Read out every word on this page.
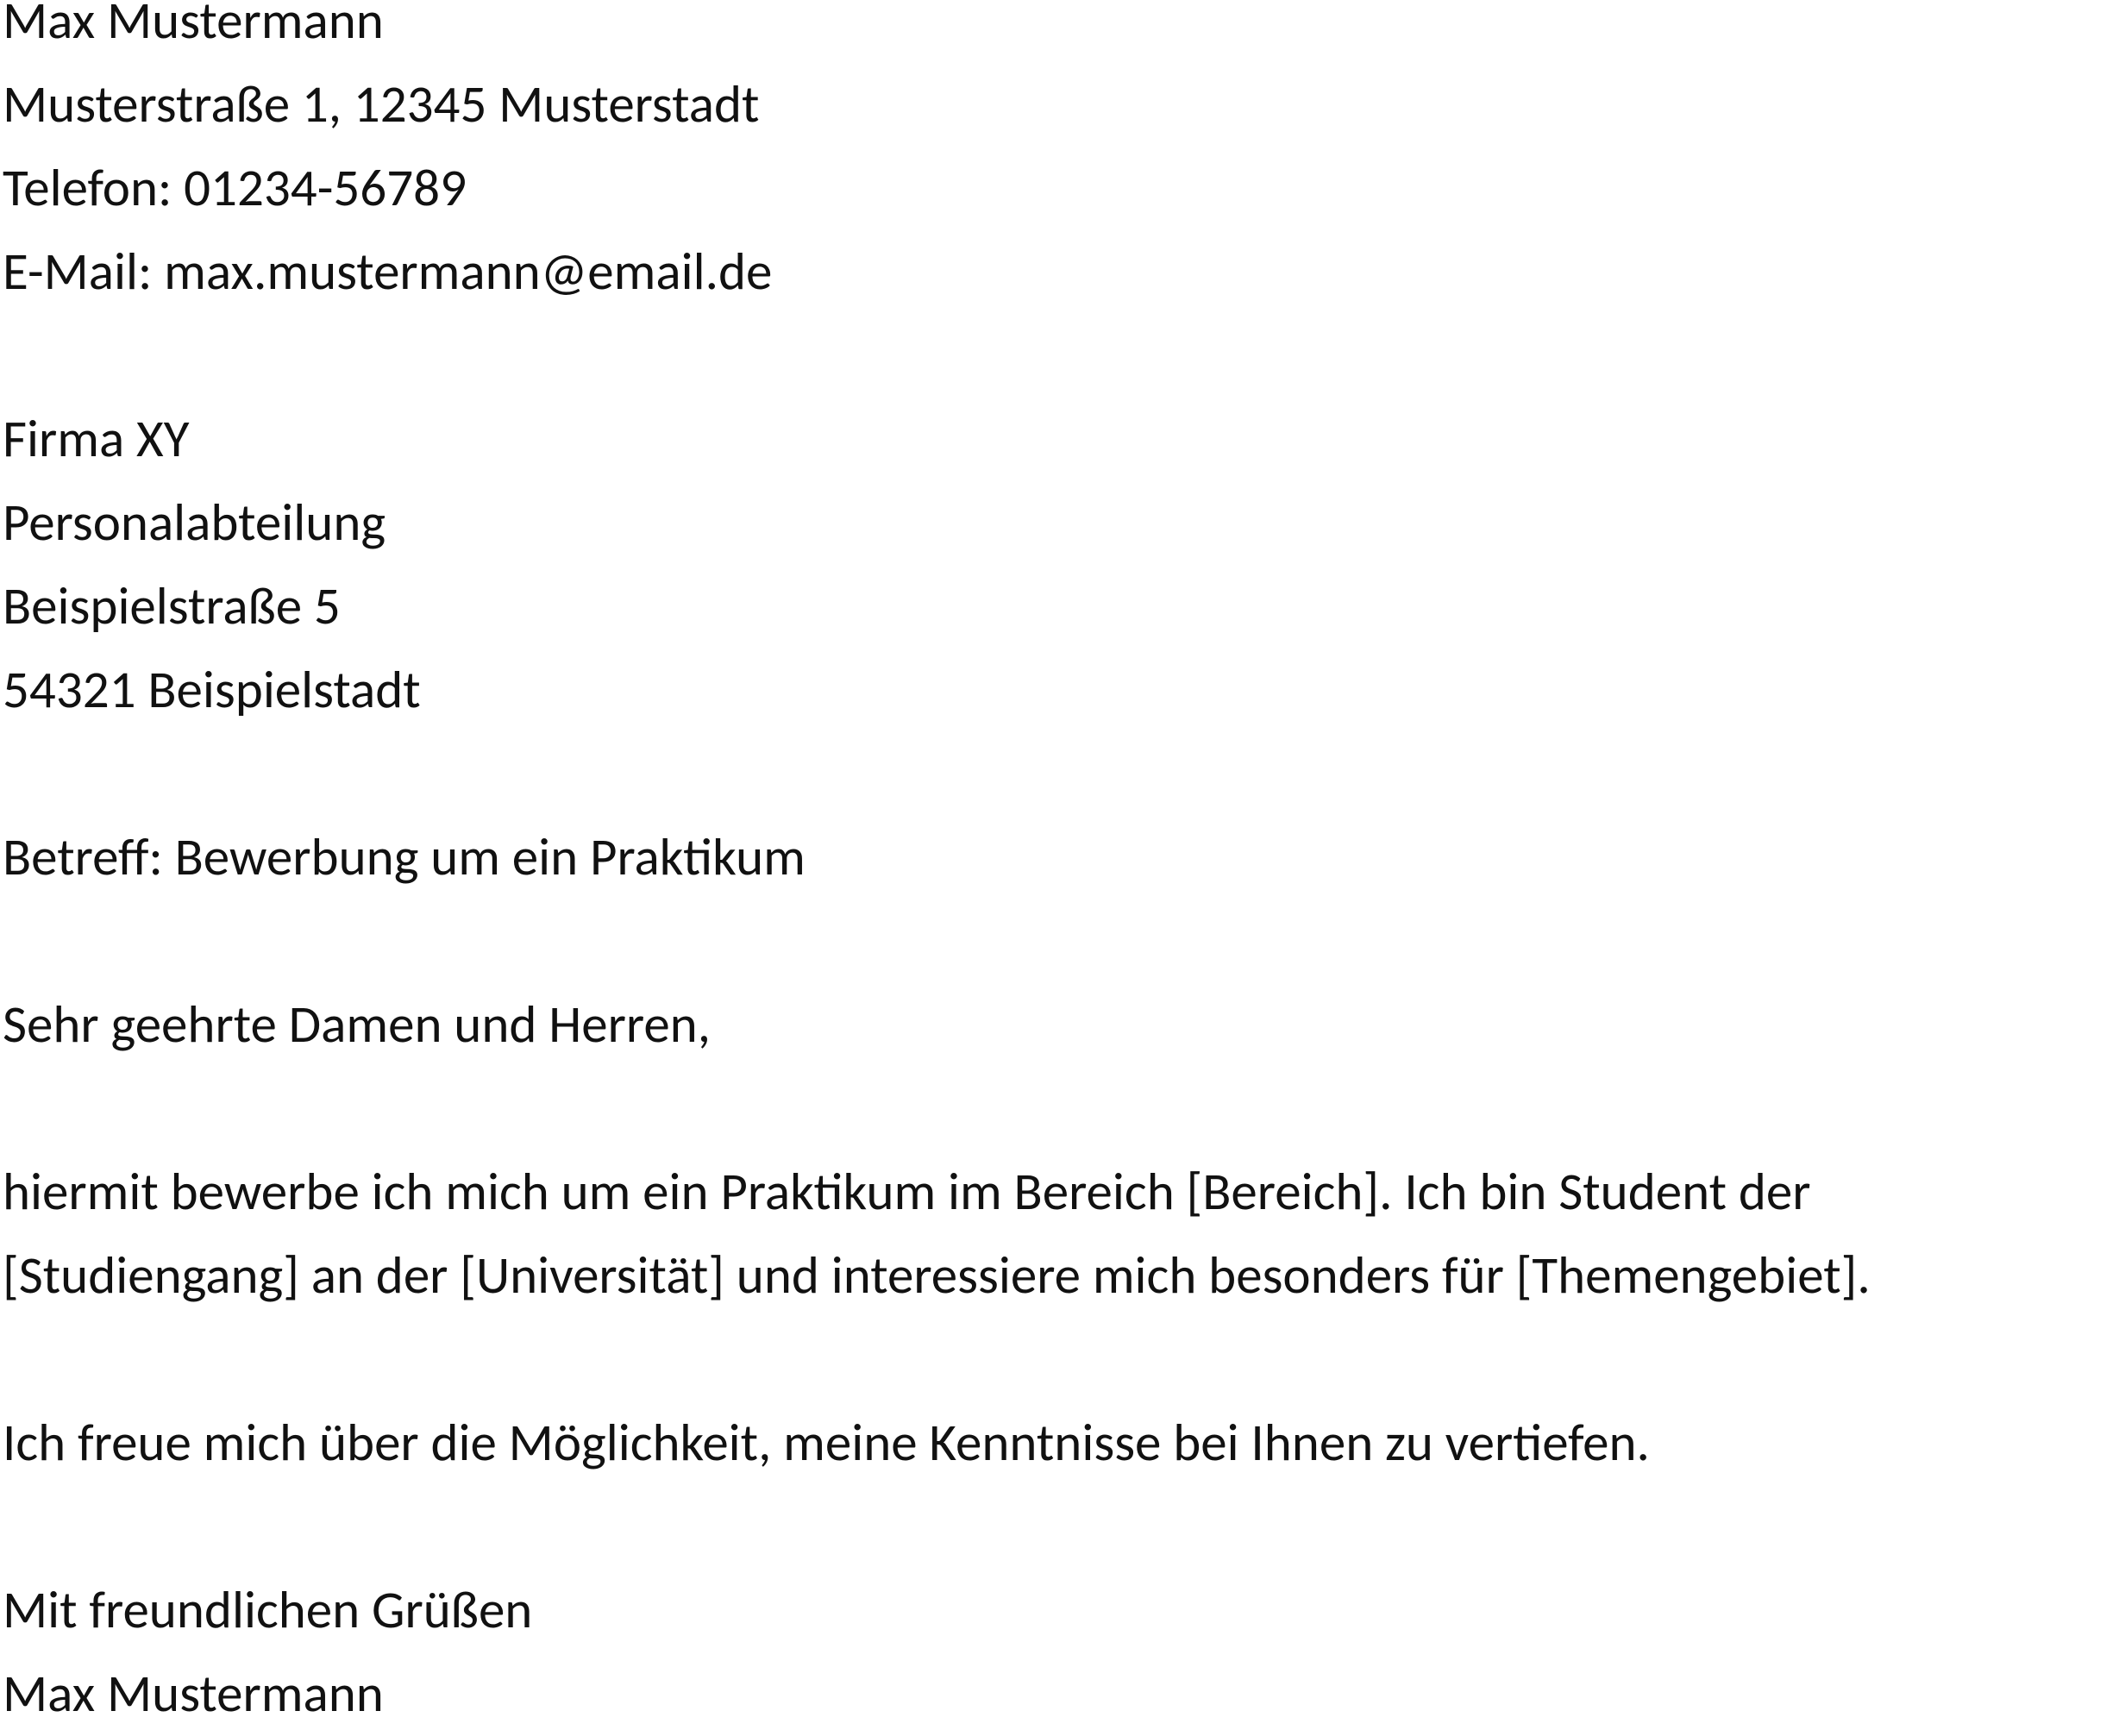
Max Mustermann
Musterstraße 1, 12345 Musterstadt
Telefon: 01234-56789
E-Mail: max.mustermann@email.de
Firma XY
Personalabteilung
Beispielstraße 5
54321 Beispielstadt
Betreff: Bewerbung um ein Praktikum
Sehr geehrte Damen und Herren,
hiermit bewerbe ich mich um ein Praktikum im Bereich [Bereich]. Ich bin Student der
[Studiengang] an der [Universität] und interessiere mich besonders für [Themengebiet].
Ich freue mich über die Möglichkeit, meine Kenntnisse bei Ihnen zu vertiefen.
Mit freundlichen Grüßen
Max Mustermann
